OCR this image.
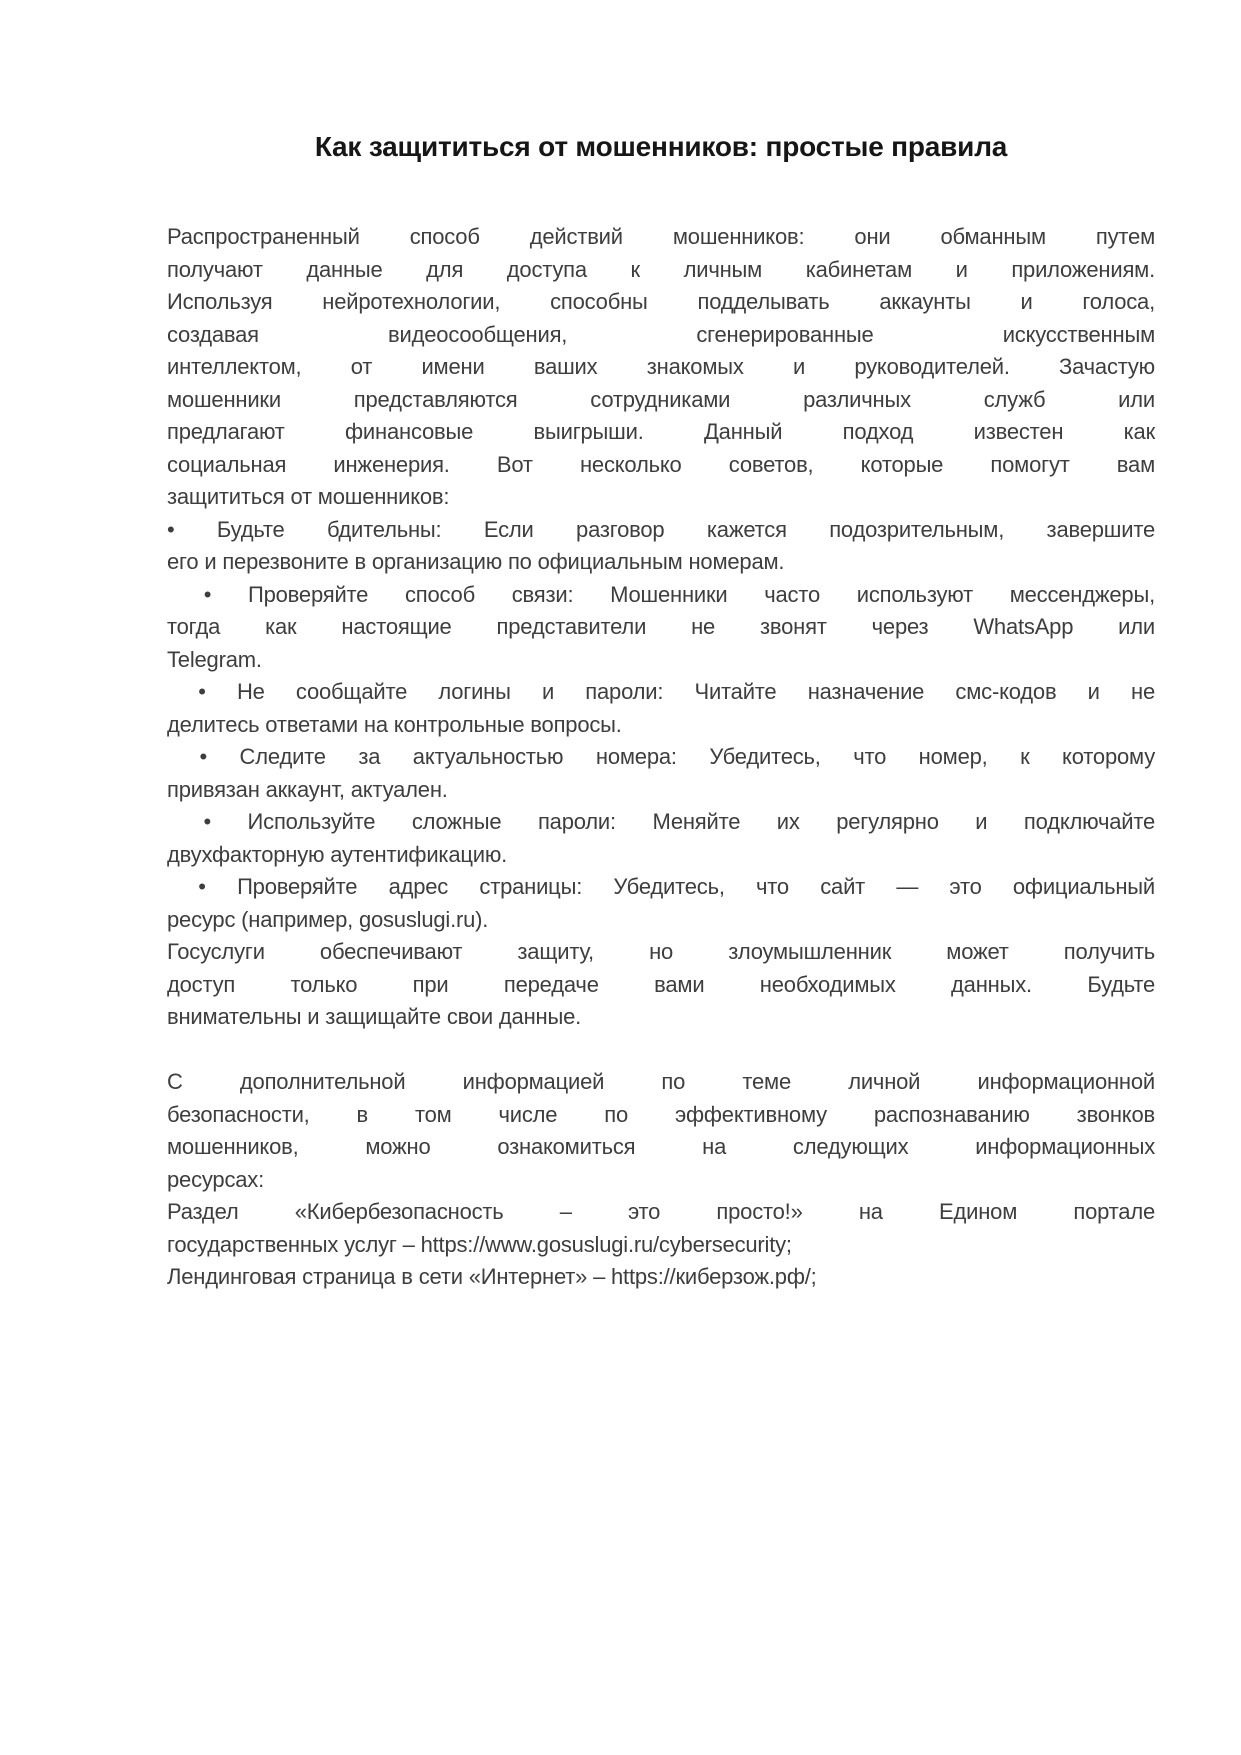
Как защититься от мошенников: простые правила

Распространенный способ действий мошенников: они обманным путем
получают данные для доступа к личным кабинетам и приложениям.
Используя нейротехнологии, способны подделывать аккаунты и голоса,
создавая видеосообщения, сгенерированные искусственным
интеллектом, от имени ваших знакомых и руководителей. Зачастую
мошенники представляются сотрудниками различных служб или
предлагают финансовые выигрыши. Данный подход известен как
социальная инженерия. Вот несколько советов, которые помогут вам
защититься от мошенников:

• Будьте бдительны: Если разговор кажется подозрительным, завершите
его и перезвоните в организацию по официальным номерам.

• Проверяйте способ связи: Мошенники часто используют мессенджеры,
тогда как настоящие представители не звонят через WhatsApp или
Telegram.

• Не сообщайте логины и пароли: Читайте назначение смс-кодов и не
делитесь ответами на контрольные вопросы.

• Следите за актуальностью номера: Убедитесь, что номер, к которому
привязан аккаунт, актуален.

• Используйте сложные пароли: Меняйте их регулярно и подключайте
двухфакторную аутентификацию.

• Проверяйте адрес страницы: Убедитесь, что сайт — это официальный
ресурс (например, gosuslugi.ru).

Госуслуги обеспечивают защиту, но злоумышленник может получить
доступ только при передаче вами необходимых данных. Будьте
внимательны и защищайте свои данные.

С дополнительной информацией по теме личной информационной
безопасности, в том числе по эффективному распознаванию звонков
мошенников, можно ознакомиться на следующих информационных
ресурсах:

Раздел «Кибербезопасность – это просто!» на Едином портале
государственных услуг – https://www.gosuslugi.ru/cybersecurity;

Лендинговая страница в сети «Интернет» – https://киберзож.рф/;
